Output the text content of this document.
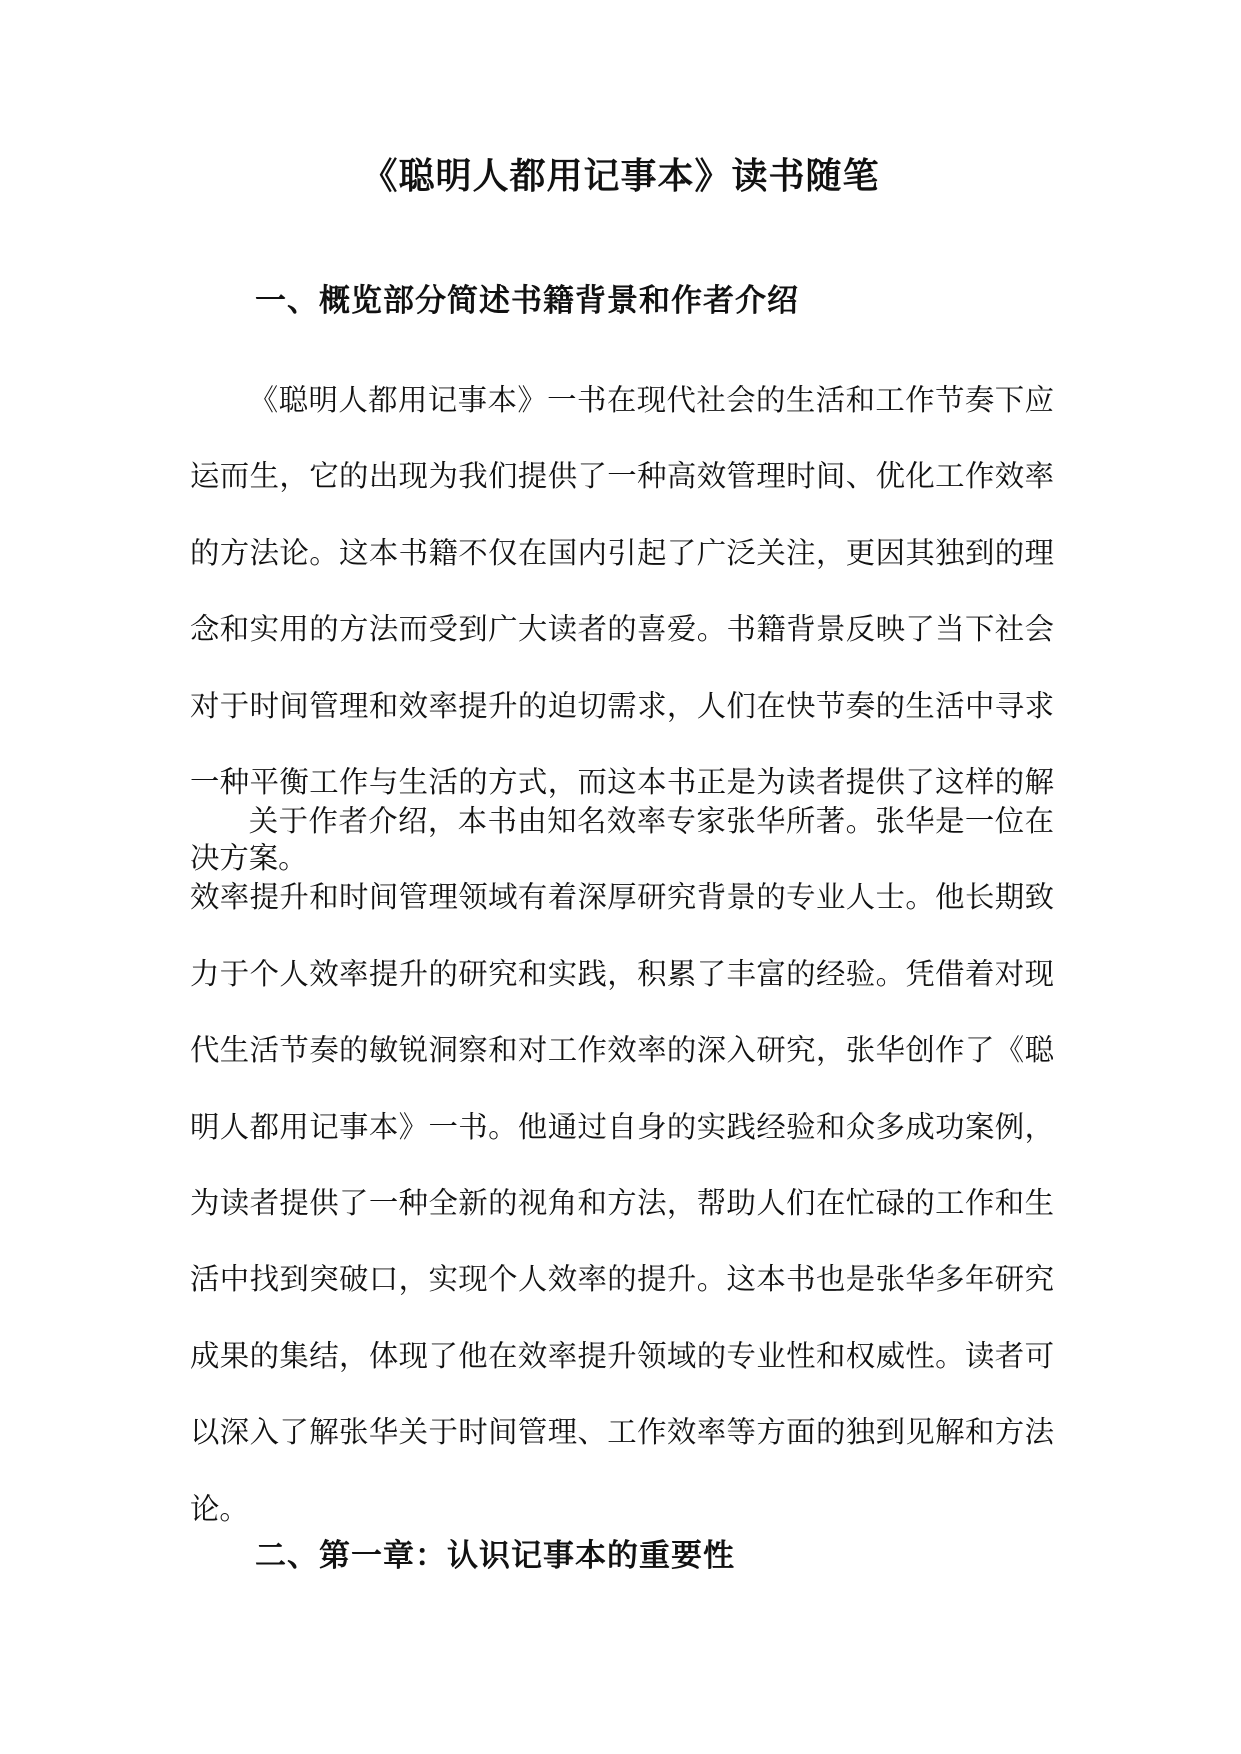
《聪明人都用记事本》读书随笔
一、概览部分简述书籍背景和作者介绍

《聪明人都用记事本》一书在现代社会的生活和工作节奏下应运而生，它的出现为我们提供了一种高效管理时间、优化工作效率的方法论。这本书籍不仅在国内引起了广泛关注，更因其独到的理念和实用的方法而受到广大读者的喜爱。书籍背景反映了当下社会对于时间管理和效率提升的迫切需求，人们在快节奏的生活中寻求一种平衡工作与生活的方式，而这本书正是为读者提供了这样的解决方案。

关于作者介绍，本书由知名效率专家张华所著。张华是一位在效率提升和时间管理领域有着深厚研究背景的专业人士。他长期致力于个人效率提升的研究和实践，积累了丰富的经验。凭借着对现代生活节奏的敏锐洞察和对工作效率的深入研究，张华创作了《聪明人都用记事本》一书。他通过自身的实践经验和众多成功案例，为读者提供了一种全新的视角和方法，帮助人们在忙碌的工作和生活中找到突破口，实现个人效率的提升。这本书也是张华多年研究成果的集结，体现了他在效率提升领域的专业性和权威性。读者可以深入了解张华关于时间管理、工作效率等方面的独到见解和方法论。

二、第一章：认识记事本的重要性
